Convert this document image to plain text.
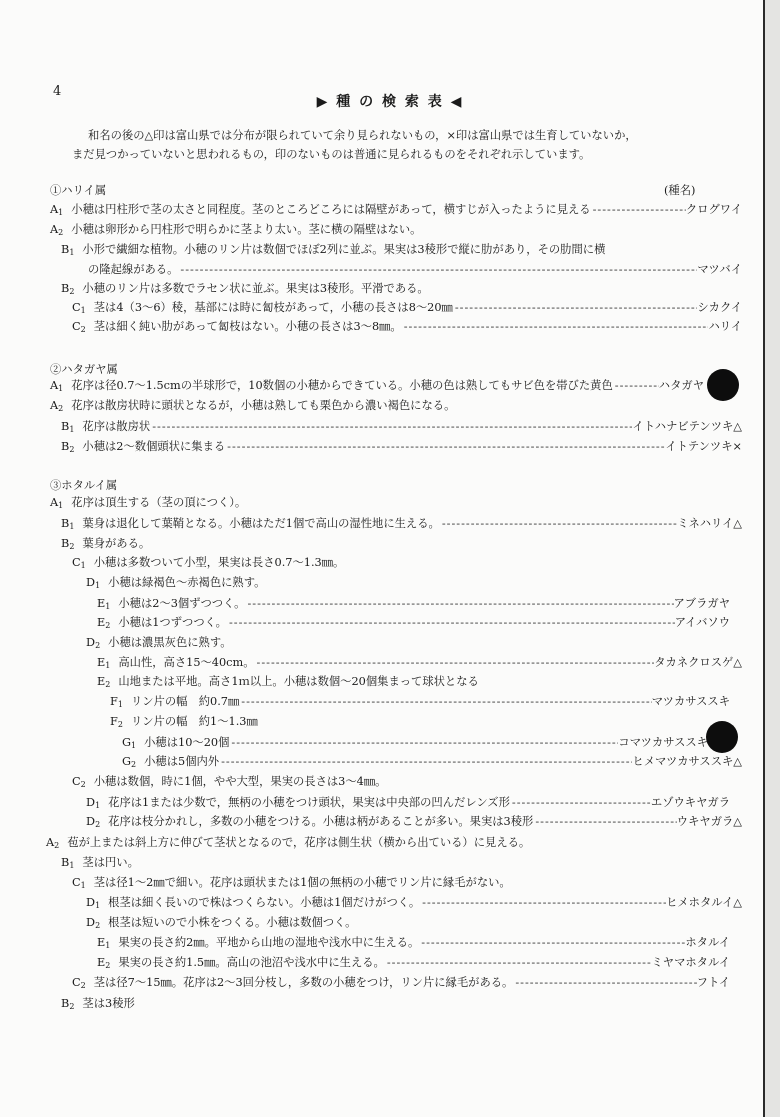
4
▶ 種 の 検 索 表 ◀
和名の後の△印は富山県では分布が限られていて余り見られないもの，×印は富山県では生育していないか，
まだ見つかっていないと思われるもの，印のないものは普通に見られるものをそれぞれ示しています。
①ハリイ属	(種名)
$A_1$ 小穂は円柱形で茎の太さと同程度。茎のところどころには隔壁があって，横すじが入ったように見える -----	クログワイ
$A_2$ 小穂は卵形から円柱形で明らかに茎より太い。茎に横の隔壁はない。
$B_1$ 小形で繊細な植物。小穂のリン片は数個でほぼ2列に並ぶ。果実は3稜形で縦に肋があり，その肋間に横
の隆起線がある。 -----	マツバイ
$B_2$ 小穂のリン片は多数でラセン状に並ぶ。果実は3稜形。平滑である。
$C_1$ 茎は4（3～6）稜，基部には時に匐枝があって，小穂の長さは8～20㎜ -----	シカクイ
$C_2$ 茎は細く純い肋があって匐枝はない。小穂の長さは3～8㎜。 -----	ハリイ
②ハタガヤ属
$A_1$ 花序は径0.7～1.5cmの半球形で，10数個の小穂からできている。小穂の色は熟してもサビ色を帯びた黄色 -----	ハタガヤ
$A_2$ 花序は散房状時に頭状となるが，小穂は熟しても栗色から濃い褐色になる。
$B_1$ 花序は散房状 -----	イトハナビテンツキ △
$B_2$ 小穂は2～数個頭状に集まる -----	イトテンツキ ×
③ホタルイ属
$A_1$ 花序は頂生する（茎の頂につく）。
$B_1$ 葉身は退化して葉鞘となる。小穂はただ1個で高山の湿性地に生える。 -----	ミネハリイ △
$B_2$ 葉身がある。
$C_1$ 小穂は多数ついて小型，果実は長さ0.7～1.3㎜。
$D_1$ 小穂は緑褐色～赤褐色に熟す。
$E_1$ 小穂は2～3個ずつつく。 -----	アブラガヤ
$E_2$ 小穂は1つずつつく。 -----	アイバソウ
$D_2$ 小穂は濃黒灰色に熟す。
$E_1$ 高山性，高さ15～40cm。 -----	タカネクロスゲ △
$E_2$ 山地または平地。高さ1ｍ以上。小穂は数個～20個集まって球状となる
$F_1$ リン片の幅　約0.7㎜ -----	マツカサススキ
$F_2$ リン片の幅　約1～1.3㎜
$G_1$ 小穂は10～20個 -----	コマツカサススキ
$G_2$ 小穂は5個内外 -----	ヒメマツカサススキ △
$C_2$ 小穂は数個，時に1個，やや大型，果実の長さは3～4㎜。
$D_1$ 花序は1または少数で，無柄の小穂をつけ頭状，果実は中央部の凹んだレンズ形 -----	エゾウキヤガラ
$D_2$ 花序は枝分かれし，多数の小穂をつける。小穂は柄があることが多い。果実は3稜形 -----	ウキヤガラ △
$A_2$ 苞が上または斜上方に伸びて茎状となるので，花序は側生状（横から出ている）に見える。
$B_1$ 茎は円い。
$C_1$ 茎は径1～2㎜で細い。花序は頭状または1個の無柄の小穂でリン片に縁毛がない。
$D_1$ 根茎は細く長いので株はつくらない。小穂は1個だけがつく。 -----	ヒメホタルイ △
$D_2$ 根茎は短いので小株をつくる。小穂は数個つく。
$E_1$ 果実の長さ約2㎜。平地から山地の湿地や浅水中に生える。 -----	ホタルイ
$E_2$ 果実の長さ約1.5㎜。高山の池沼や浅水中に生える。 -----	ミヤマホタルイ
$C_2$ 茎は径7～15㎜。花序は2～3回分枝し，多数の小穂をつけ，リン片に縁毛がある。 -----	フトイ
$B_2$ 茎は3稜形
